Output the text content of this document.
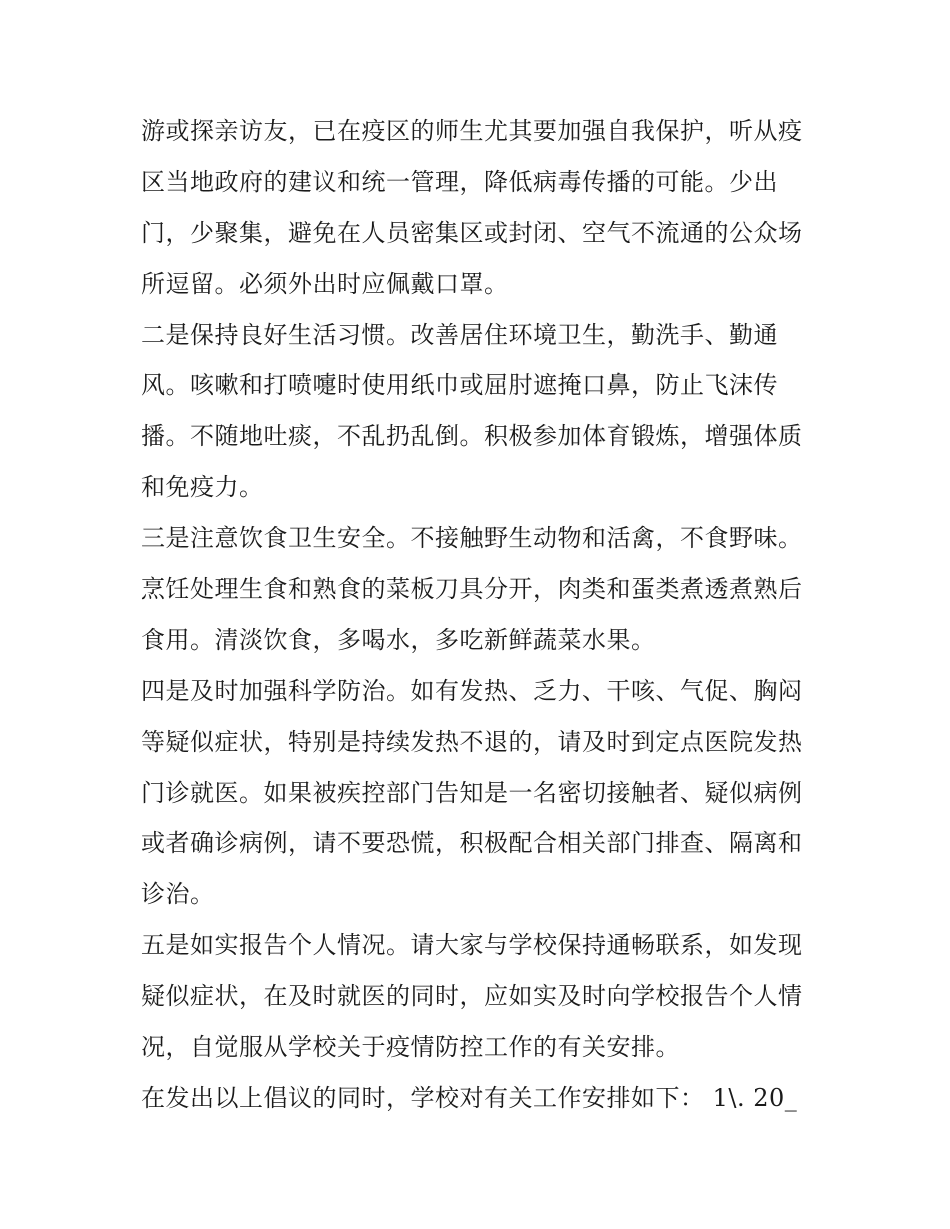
游或探亲访友，已在疫区的师生尤其要加强自我保护，听从疫

区当地政府的建议和统一管理，降低病毒传播的可能。少出

门，少聚集，避免在人员密集区或封闭、空气不流通的公众场

所逗留。必须外出时应佩戴口罩。

二是保持良好生活习惯。改善居住环境卫生，勤洗手、勤通

风。咳嗽和打喷嚏时使用纸巾或屈肘遮掩口鼻，防止飞沫传

播。不随地吐痰，不乱扔乱倒。积极参加体育锻炼，增强体质

和免疫力。

三是注意饮食卫生安全。不接触野生动物和活禽，不食野味。

烹饪处理生食和熟食的菜板刀具分开，肉类和蛋类煮透煮熟后

食用。清淡饮食，多喝水，多吃新鲜蔬菜水果。

四是及时加强科学防治。如有发热、乏力、干咳、气促、胸闷

等疑似症状，特别是持续发热不退的，请及时到定点医院发热

门诊就医。如果被疾控部门告知是一名密切接触者、疑似病例

或者确诊病例，请不要恐慌，积极配合相关部门排查、隔离和

诊治。

五是如实报告个人情况。请大家与学校保持通畅联系，如发现

疑似症状，在及时就医的同时，应如实及时向学校报告个人情

况，自觉服从学校关于疫情防控工作的有关安排。

在发出以上倡议的同时，学校对有关工作安排如下： 1\. 20_
